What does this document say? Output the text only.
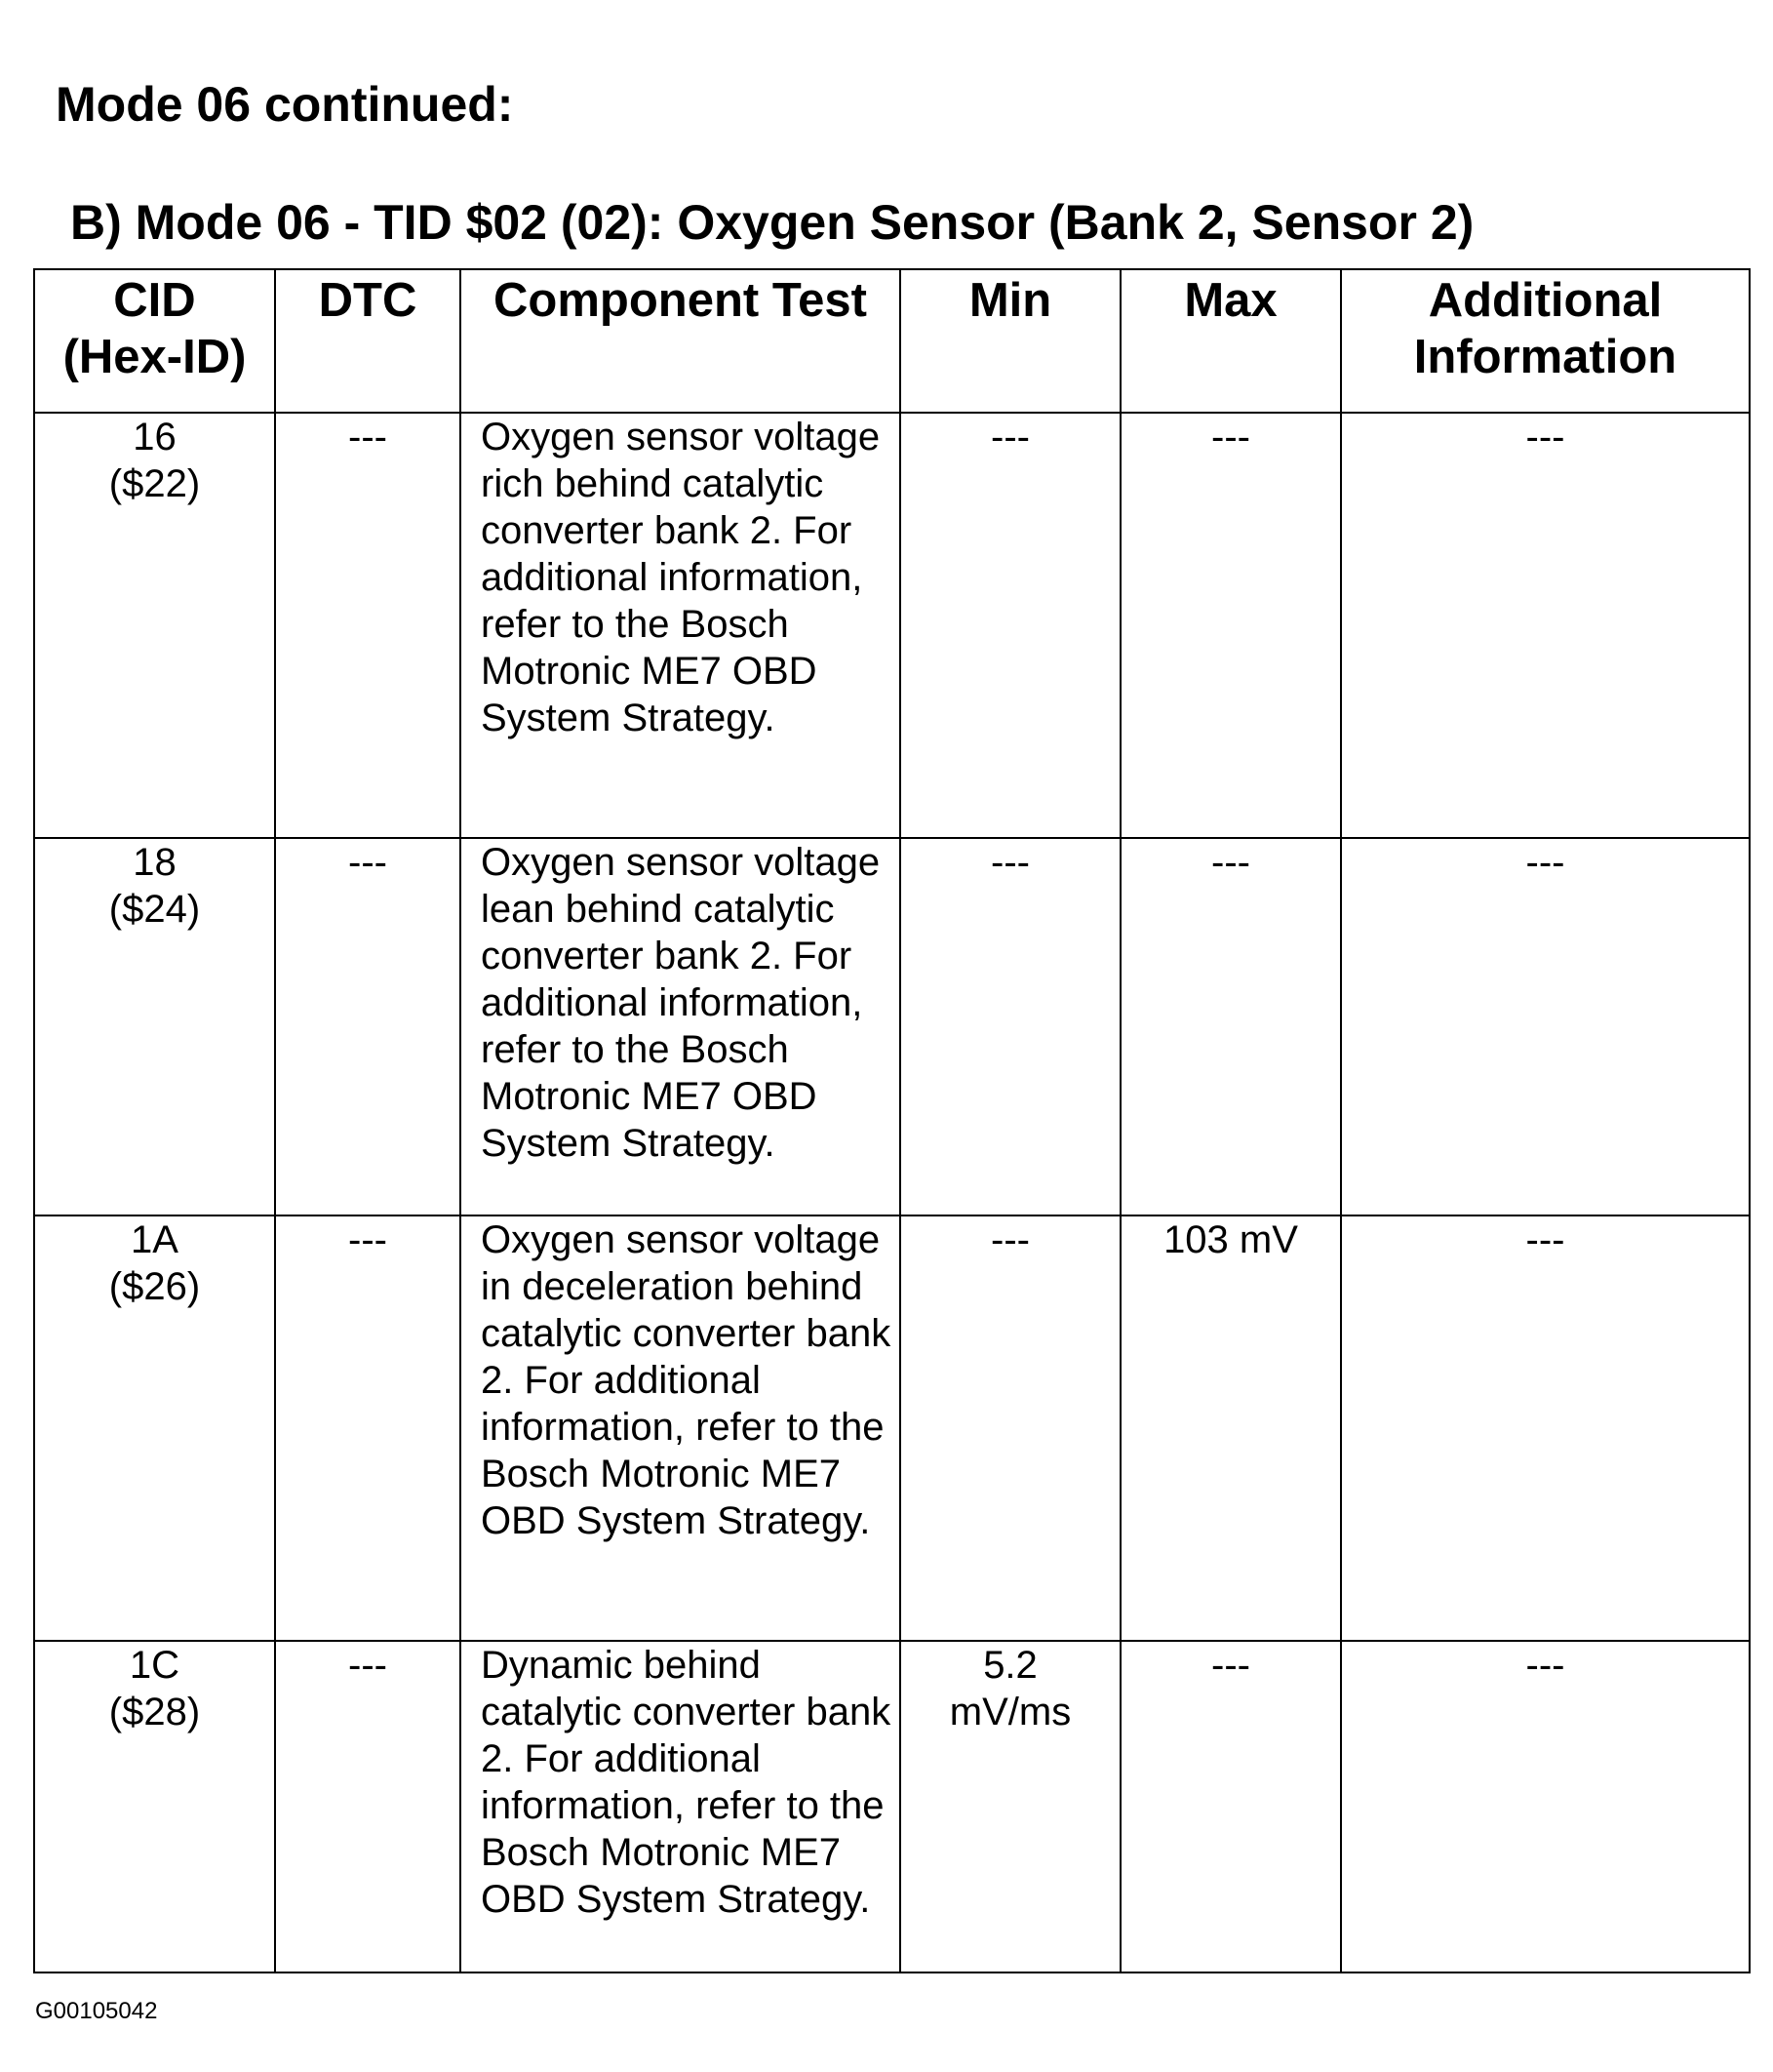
Mode 06 continued:
B) Mode 06 - TID $02 (02): Oxygen Sensor (Bank 2, Sensor 2)
CID
(Hex-ID)	DTC	Component Test	Min	Max	Additional
Information

16
($22)	---	Oxygen sensor voltage rich behind catalytic converter bank 2. For additional information, refer to the Bosch Motronic ME7 OBD System Strategy.	---	---	---

18
($24)	---	Oxygen sensor voltage lean behind catalytic converter bank 2. For additional information, refer to the Bosch Motronic ME7 OBD System Strategy.	---	---	---

1A
($26)	---	Oxygen sensor voltage in deceleration behind catalytic converter bank 2. For additional information, refer to the Bosch Motronic ME7 OBD System Strategy.	---	103 mV	---

1C
($28)	---	Dynamic behind catalytic converter bank 2. For additional information, refer to the Bosch Motronic ME7 OBD System Strategy.	5.2
mV/ms	---	---
G00105042
